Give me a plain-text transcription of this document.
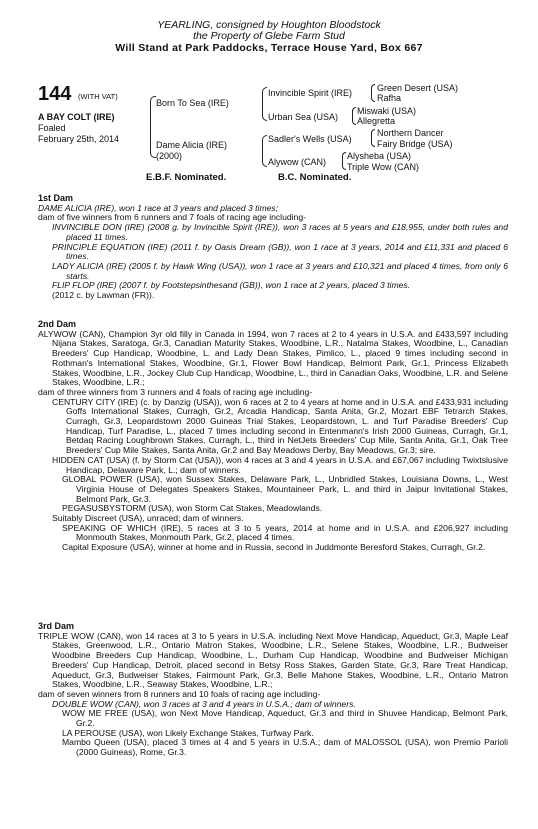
YEARLING, consigned by Houghton Bloodstock
the Property of Glebe Farm Stud
Will Stand at Park Paddocks, Terrace House Yard, Box 667
144 (WITH VAT)
A BAY COLT (IRE)
Foaled
February 25th, 2014
Born To Sea (IRE)
Dame Alicia (IRE)
(2000)
Invincible Spirit (IRE)
Urban Sea (USA)
Sadler's Wells (USA)
Alywow (CAN)
Green Desert (USA)
Rafha
Miswaki (USA)
Allegretta
Northern Dancer
Fairy Bridge (USA)
Alysheba (USA)
Triple Wow (CAN)
E.B.F. Nominated.	B.C. Nominated.

1st Dam

DAME ALICIA (IRE), won 1 race at 3 years and placed 3 times;

dam of five winners from 6 runners and 7 foals of racing age including-

INVINCIBLE DON (IRE) (2008 g. by Invincible Spirit (IRE)), won 3 races at 5 years and £18,955, under both rules and placed 11 times.

PRINCIPLE EQUATION (IRE) (2011 f. by Oasis Dream (GB)), won 1 race at 3 years, 2014 and £11,331 and placed 6 times.

LADY ALICIA (IRE) (2005 f. by Hawk Wing (USA)), won 1 race at 3 years and £10,321 and placed 4 times, from only 6 starts.

FLIP FLOP (IRE) (2007 f. by Footstepsinthesand (GB)), won 1 race at 2 years, placed 3 times.

(2012 c. by Lawman (FR)).

2nd Dam

ALYWOW (CAN), Champion 3yr old filly in Canada in 1994, won 7 races at 2 to 4 years in U.S.A. and £433,597 including Nijana Stakes, Saratoga, Gr.3, Canadian Maturity Stakes, Woodbine, L.R., Natalma Stakes, Woodbine, L., Canadian Breeders' Cup Handicap, Woodbine, L. and Lady Dean Stakes, Pimlico, L., placed 9 times including second in Rothman's International Stakes, Woodbine, Gr.1, Flower Bowl Handicap, Belmont Park, Gr.1, Princess Elizabeth Stakes, Woodbine, L.R., Jockey Club Cup Handicap, Woodbine, L., third in Canadian Oaks, Woodbine, L.R. and Selene Stakes, Woodbine, L.R.;

dam of three winners from 3 runners and 4 foals of racing age including-

CENTURY CITY (IRE) (c. by Danzig (USA)), won 6 races at 2 to 4 years at home and in U.S.A. and £433,931 including Goffs International Stakes, Curragh, Gr.2, Arcadia Handicap, Santa Anita, Gr.2, Mozart EBF Tetrarch Stakes, Curragh, Gr.3, Leopardstown 2000 Guineas Trial Stakes, Leopardstown, L. and Turf Paradise Breeders' Cup Handicap, Turf Paradise, L., placed 7 times including second in Entenmann's Irish 2000 Guineas, Curragh, Gr.1, Betdaq Racing Loughbrown Stakes, Curragh, L., third in NetJets Breeders' Cup Mile, Santa Anita, Gr.1, Oak Tree Breeders' Cup Mile Stakes, Santa Anita, Gr.2 and Bay Meadows Derby, Bay Meadows, Gr.3; sire.

HIDDEN CAT (USA) (f. by Storm Cat (USA)), won 4 races at 3 and 4 years in U.S.A. and £67,067 including Twixtslusive Handicap, Delaware Park, L.; dam of winners.

GLOBAL POWER (USA), won Sussex Stakes, Delaware Park, L., Unbridled Stakes, Louisiana Downs, L., West Virginia House of Delegates Speakers Stakes, Mountaineer Park, L. and third in Jaipur Invitational Stakes, Belmont Park, Gr.3.

PEGASUSBYSTORM (USA), won Storm Cat Stakes, Meadowlands.

Suitably Discreet (USA), unraced; dam of winners.

SPEAKING OF WHICH (IRE), 5 races at 3 to 5 years, 2014 at home and in U.S.A. and £206,927 including Monmouth Stakes, Monmouth Park, Gr.2, placed 4 times.

Capital Exposure (USA), winner at home and in Russia, second in Juddmonte Beresford Stakes, Curragh, Gr.2.

3rd Dam

TRIPLE WOW (CAN), won 14 races at 3 to 5 years in U.S.A. including Next Move Handicap, Aqueduct, Gr.3, Maple Leaf Stakes, Greenwood, L.R., Ontario Matron Stakes, Woodbine, L.R., Selene Stakes, Woodbine, L.R., Budweiser Woodbine Breeders Cup Handicap, Woodbine, L., Durham Cup Handicap, Woodbine and Budweiser Michigan Breeders' Cup Handicap, Detroit, placed second in Betsy Ross Stakes, Garden State, Gr.3, Rare Treat Handicap, Aqueduct, Gr.3, Budweiser Stakes, Fairmount Park, Gr.3, Belle Mahone Stakes, Woodbine, L.R., Ontario Matron Stakes, Woodbine, L.R., Seaway Stakes, Woodbine, L.R.;

dam of seven winners from 8 runners and 10 foals of racing age including-

DOUBLE WOW (CAN), won 3 races at 3 and 4 years in U.S.A.; dam of winners.

WOW ME FREE (USA), won Next Move Handicap, Aqueduct, Gr.3 and third in Shuvee Handicap, Belmont Park, Gr.2.

LA PEROUSE (USA), won Likely Exchange Stakes, Turfway Park.

Mambo Queen (USA), placed 3 times at 4 and 5 years in U.S.A.; dam of MALOSSOL (USA), won Premio Parioli (2000 Guineas), Rome, Gr.3.
